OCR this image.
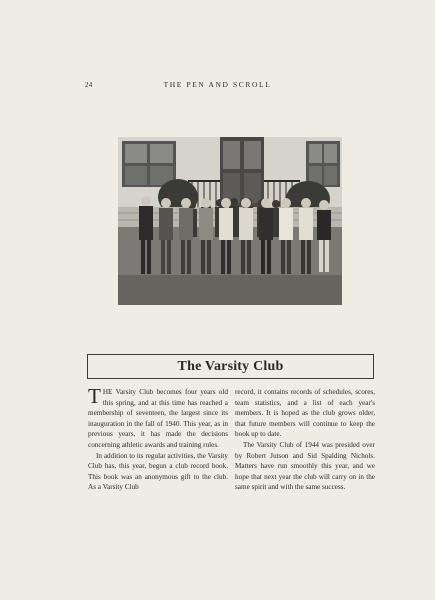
24	THE PEN AND SCROLL
The Varsity Club

THE Varsity Club becomes four years old this spring, and at this time has reached a membership of seventeen, the largest since its inauguration in the fall of 1940. This year, as in previous years, it has made the decisions concerning athletic awards and training rules.

In addition to its regular activities, the Varsity Club has, this year, begun a club record book. This book was an anonymous gift to the club. As a Varsity Club

record, it contains records of schedules, scores, team statistics, and a list of each year's members. It is hoped as the club grows older, that future members will continue to keep the book up to date.

The Varsity Club of 1944 was presided over by Robert Jutson and Sid Spalding Nichols. Matters have run smoothly this year, and we hope that next year the club will carry on in the same spirit and with the same success.
